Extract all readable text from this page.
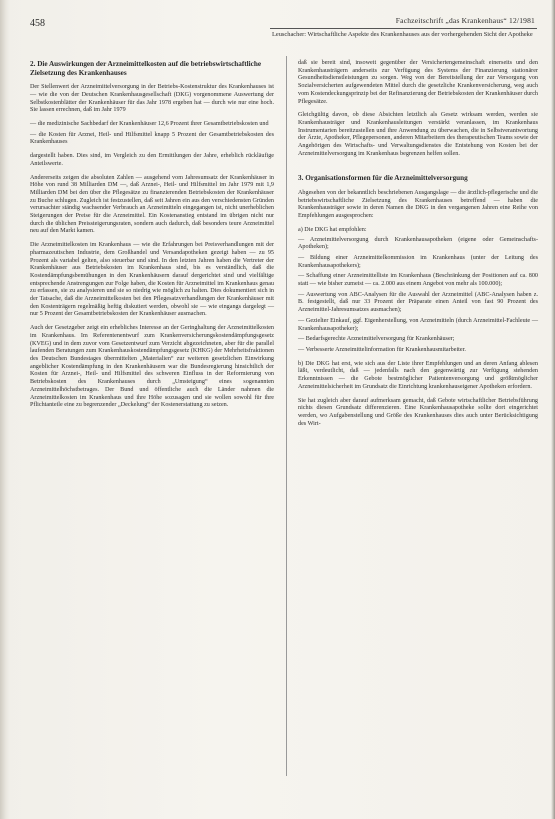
458	Fachzeitschrift „das Krankenhaus“ 12/1981
Leuschacher: Wirtschaftliche Aspekte des Krankenhauses aus der vorhergehenden Sicht der Apotheke
2. Die Auswirkungen der Arzneimittelkosten auf die betriebswirtschaftliche Zielsetzung des Krankenhauses

Der Stellenwert der Arzneimittelversorgung in der Betriebs-Kostenstruktur des Krankenhauses ist — wie die von der Deutschen Krankenhausgesellschaft (DKG) vorgenommene Auswertung der Selbstkostenblätter der Krankenhäuser für das Jahr 1978 ergeben hat — durch wie nur eine hoch. Sie lassen errechnen, daß im Jahr 1979

— die medizinische Sachbedarf der Krankenhäuser 12,6 Prozent ihrer Gesamtbetriebskosten und
— die Kosten für Arznei, Heil- und Hilfsmittel knapp 5 Prozent der Gesamtbetriebskosten des Krankenhauses

dargestellt haben. Dies sind, im Vergleich zu den Ermittlungen der Jahre, erheblich rückläufige Anteilswerte.

Andererseits zeigen die absoluten Zahlen — ausgehend vom Jahresumsatz der Krankenhäuser in Höhe von rund 38 Milliarden DM —, daß Arznei-, Heil- und Hilfsmittel im Jahr 1979 mit 1,9 Milliarden DM bei den über die Pflegesätze zu finanzierenden Betriebskosten der Krankenhäuser zu Buche schlugen. Zugleich ist festzustellen, daß seit Jahren ein aus den verschiedensten Gründen verursachter ständig wachsender Verbrauch an Arzneimitteln eingegangen ist, nicht unerheblichen Steigerungen der Preise für die Arzneimittel. Ein Kostenanstieg entstand im übrigen nicht nur durch die üblichen Preissteigerungsraten, sondern auch dadurch, daß besonders teure Arzneimittel neu auf den Markt kamen.

Die Arzneimittelkosten im Krankenhaus — wie die Erfahrungen bei Preisverhandlungen mit der pharmazeutischen Industrie, dem Großhandel und Versandapotheken gezeigt haben — zu 95 Prozent als variabel gelten, also steuerbar und sind. In den letzten Jahren haben die Vertreter der Krankenhäuser aus Betriebskosten im Krankenhaus sind, bis es verständlich, daß die Kostendämpfungsbemühungen in den Krankenhäusern darauf dergerichtet sind und vielfältige entsprechende Anstrengungen zur Folge haben, die Kosten für Arzneimittel im Krankenhaus genau zu erfassen, sie zu analysieren und sie so niedrig wie möglich zu halten. Dies dokumentiert sich in der Tatsache, daß die Arzneimittelkosten bei den Pflegesatzverhandlungen der Krankenhäuser mit den Kostenträgern regelmäßig heftig diskutiert werden, obwohl sie — wie eingangs dargelegt — nur 5 Prozent der Gesamtbetriebskosten der Krankenhäuser ausmachen.

Auch der Gesetzgeber zeigt ein erhebliches Interesse an der Geringhaltung der Arzneimittelkosten im Krankenhaus. Im Referentenentwurf zum Krankenversicherungskostendämpfungsgesetz (KVEG) und in dem zuvor vom Gesetzentwurf zum Verzicht abgezeichneten, aber für die parallel laufenden Beratungen zum Krankenhauskostendämpfungsgesetz (KHKG) der Mehrheitsfraktionen des Deutschen Bundestages übermittelten „Materialien“ zur weiteren gesetzlichen Einwirkung angeblicher Kostendämpfung in den Krankenhäusern war die Bundesregierung hinsichtlich der Kosten für Arznei-, Heil- und Hilfsmittel des schweren Einfluss in der Reformierung von Betriebskosten des Krankenhauses durch „Umsteigung“ eines sogenannten Arzneimittelhöchstbetrages. Der Bund und öffentliche auch die Länder nahmen die Arzneimittelkosten im Krankenhaus und ihre Höhe sozusagen und sie wollen sowohl für ihre Pflichtanteile eine zu begrenzender „Deckelung“ der Kostenerstattung zu setzen.

daß sie bereit sind, insoweit gegenüber der Versichertengemeinschaft einerseits und den Krankenhausträgern anderseits zur Verfügung des Systems der Finanzierung stationärer Gesundheitsdienstleistungen zu sorgen. Weg von der Bereitstellung der zur Versorgung von Sozialversicherten aufgewendeten Mittel durch die gesetzliche Krankenversicherung, weg auch vom Kostendeckungsprinzip bei der Refinanzierung der Betriebskosten der Krankenhäuser durch Pflegesätze.

Gleichgültig davon, ob diese Absichten letztlich als Gesetz wirksam werden, werden sie Krankenhausträger und Krankenhausleitungen verstärkt veranlassen, im Krankenhaus Instrumentarien bereitzustellen und ihre Anwendung zu überwachen, die in Selbstverantwortung der Ärzte, Apotheker, Pflegepersonen, anderen Mitarbeitern des therapeutischen Teams sowie der Angehörigen des Wirtschafts- und Verwaltungsdienstes die Entstehung von Kosten bei der Arzneimittelversorgung im Krankenhaus begrenzen helfen sollen.

3. Organisationsformen für die Arzneimittelversorgung

Abgesehen von der bekanntlich beschriebenen Ausgangslage — die ärztlich-pflegerische und die betriebswirtschaftliche Zielsetzung des Krankenhauses betreffend — haben die Krankenhausträger sowie in deren Namen die DKG in den vergangenen Jahren eine Reihe von Empfehlungen ausgesprochen:

a) Die DKG hat empfohlen:

— Arzneimittelversorgung durch Krankenhausapotheken (eigene oder Gemeinschafts-Apotheken);
— Bildung einer Arzneimittelkommission im Krankenhaus (unter der Leitung des Krankenhausapothekers);
— Schaffung einer Arzneimittelliste im Krankenhaus (Beschränkung der Positionen auf ca. 800 statt — wie bisher zumeist — ca. 2.000 aus einem Angebot von mehr als 100.000);
— Auswertung von ABC-Analysen für die Auswahl der Arzneimittel (ABC-Analysen haben z. B. festgestellt, daß nur 33 Prozent der Präparate einen Anteil von fast 90 Prozent des Arzneimittel-Jahresumsatzes ausmachen);
— Gezielter Einkauf, ggf. Eigenherstellung, von Arzneimitteln (durch Arzneimittel-Fachleute — Krankenhausapotheker);
— Bedarfsgerechte Arzneimittelversorgung für Krankenhäuser;
— Verbesserte Arzneimittelinformation für Krankenhausmitarbeiter.

b) Die DKG hat erst, wie sich aus der Liste ihrer Empfehlungen und an deren Anfang ablesen läßt, verdeutlicht, daß — jedenfalls nach den gegenwärtig zur Verfügung stehenden Erkenntnissen — die Gebote bestmöglicher Patientenversorgung und größtmöglicher Arzneimittelsicherheit im Grundsatz die Einrichtung krankenhauseigener Apotheken erfordern.

Sie hat zugleich aber darauf aufmerksam gemacht, daß Gebote wirtschaftlicher Betriebsführung nichts diesen Grundsatz differenzieren. Eine Krankenhausapotheke sollte dort eingerichtet werden, wo Aufgabenstellung und Größe des Krankenhauses dies auch unter Berücksichtigung des Wirt-
